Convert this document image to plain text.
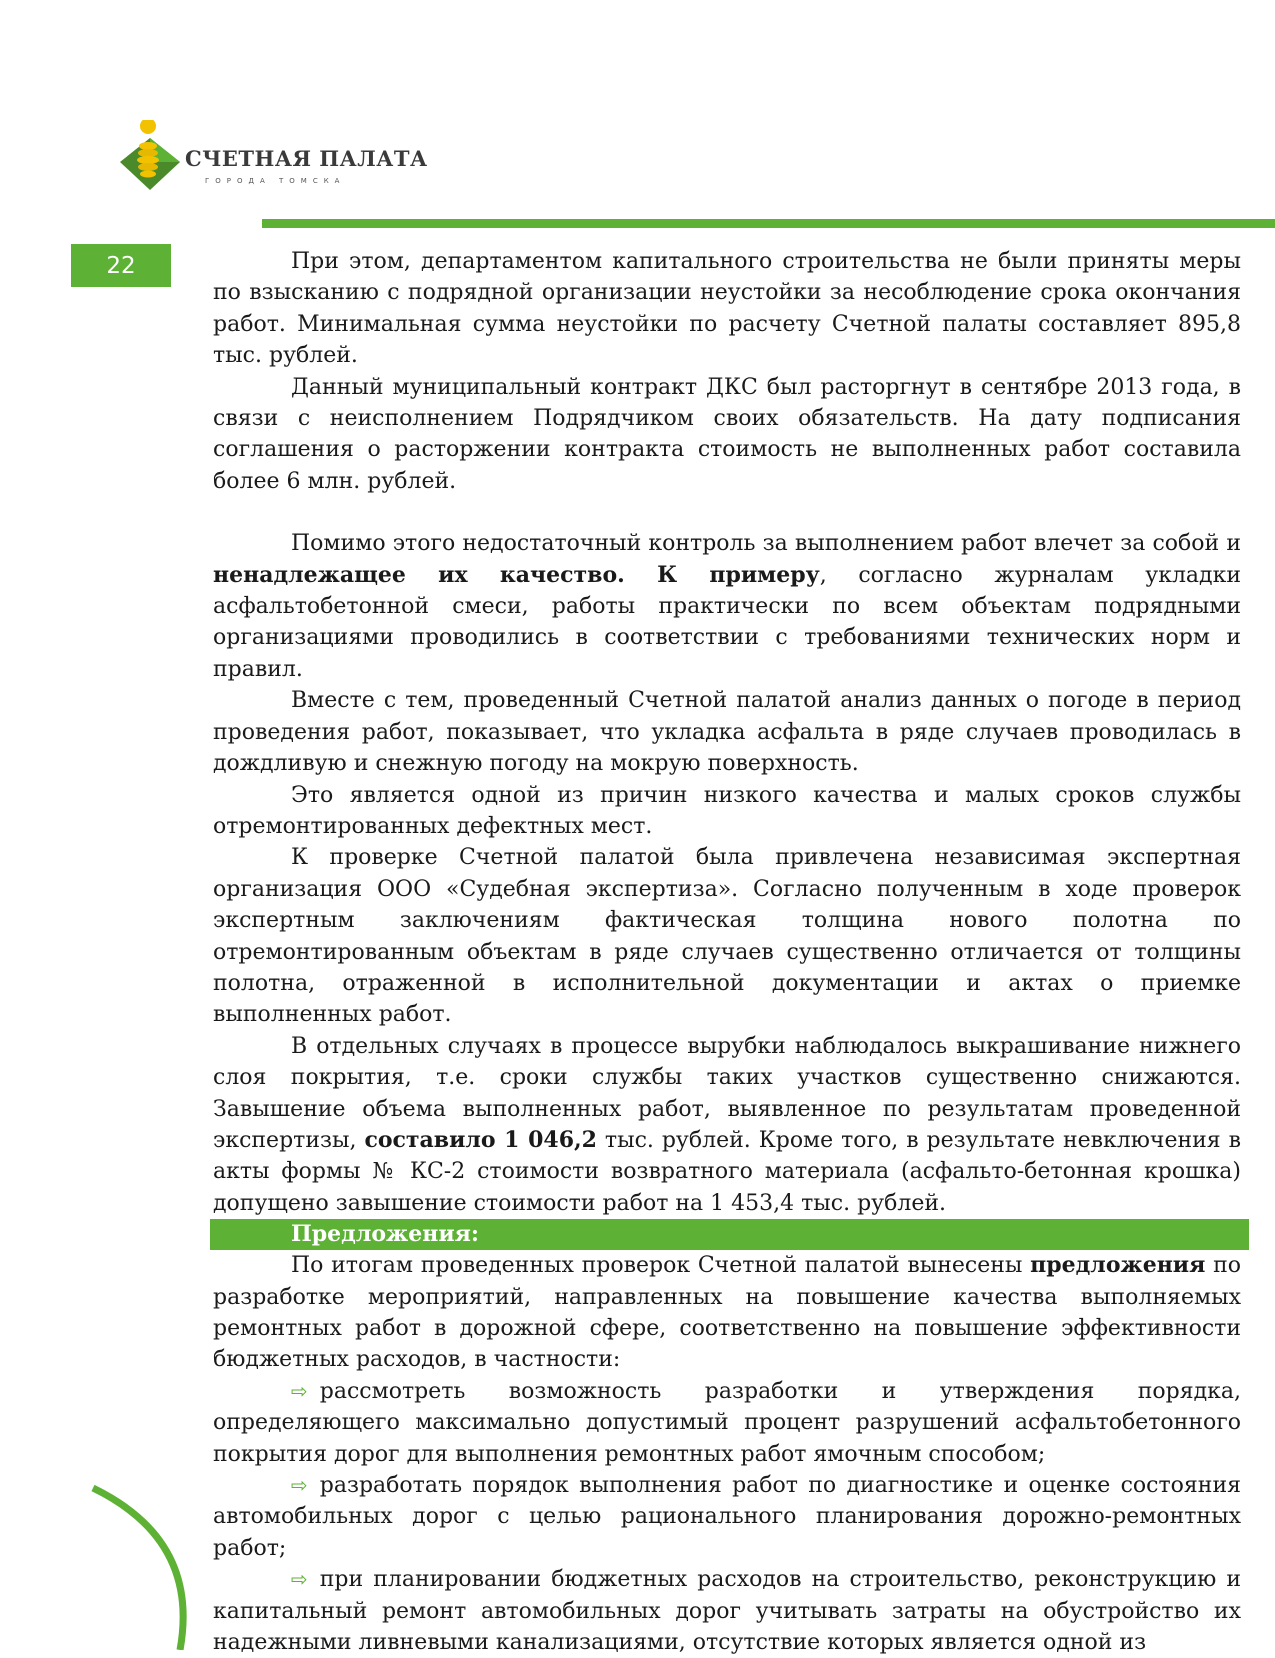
СЧЕТНАЯ ПАЛАТА
ГОРОДА ТОМСКА
22	При этом, департаментом капитального строительства не были приняты меры по взысканию с подрядной организации неустойки за несоблюдение срока окончания работ. Минимальная сумма неустойки по расчету Счетной палаты составляет 895,8 тыс. рублей.

Данный муниципальный контракт ДКС был расторгнут в сентябре 2013 года, в связи с неисполнением Подрядчиком своих обязательств. На дату подписания соглашения о расторжении контракта стоимость не выполненных работ составила более 6 млн. рублей.

Помимо этого недостаточный контроль за выполнением работ влечет за собой и ненадлежащее их качество. К примеру, согласно журналам укладки асфальтобетонной смеси, работы практически по всем объектам подрядными организациями проводились в соответствии с требованиями технических норм и правил.

Вместе с тем, проведенный Счетной палатой анализ данных о погоде в период проведения работ, показывает, что укладка асфальта в ряде случаев проводилась в дождливую и снежную погоду на мокрую поверхность.

Это является одной из причин низкого качества и малых сроков службы отремонтированных дефектных мест.

К проверке Счетной палатой была привлечена независимая экспертная организация ООО «Судебная экспертиза». Согласно полученным в ходе проверок экспертным заключениям фактическая толщина нового полотна по отремонтированным объектам в ряде случаев существенно отличается от толщины полотна, отраженной в исполнительной документации и актах о приемке выполненных работ.

В отдельных случаях в процессе вырубки наблюдалось выкрашивание нижнего слоя покрытия, т.е. сроки службы таких участков существенно снижаются. Завышение объема выполненных работ, выявленное по результатам проведенной экспертизы, составило 1 046,2 тыс. рублей. Кроме того, в результате невключения в акты формы № КС-2 стоимости возвратного материала (асфальто-бетонная крошка) допущено завышение стоимости работ на 1 453,4 тыс. рублей.

Предложения:

По итогам проведенных проверок Счетной палатой вынесены предложения по разработке мероприятий, направленных на повышение качества выполняемых ремонтных работ в дорожной сфере, соответственно на повышение эффективности бюджетных расходов, в частности:

⇨ рассмотреть возможность разработки и утверждения порядка, определяющего максимально допустимый процент разрушений асфальтобетонного покрытия дорог для выполнения ремонтных работ ямочным способом;

⇨ разработать порядок выполнения работ по диагностике и оценке состояния автомобильных дорог с целью рационального планирования дорожно-ремонтных работ;

⇨ при планировании бюджетных расходов на строительство, реконструкцию и капитальный ремонт автомобильных дорог учитывать затраты на обустройство их надежными ливневыми канализациями, отсутствие которых является одной из
